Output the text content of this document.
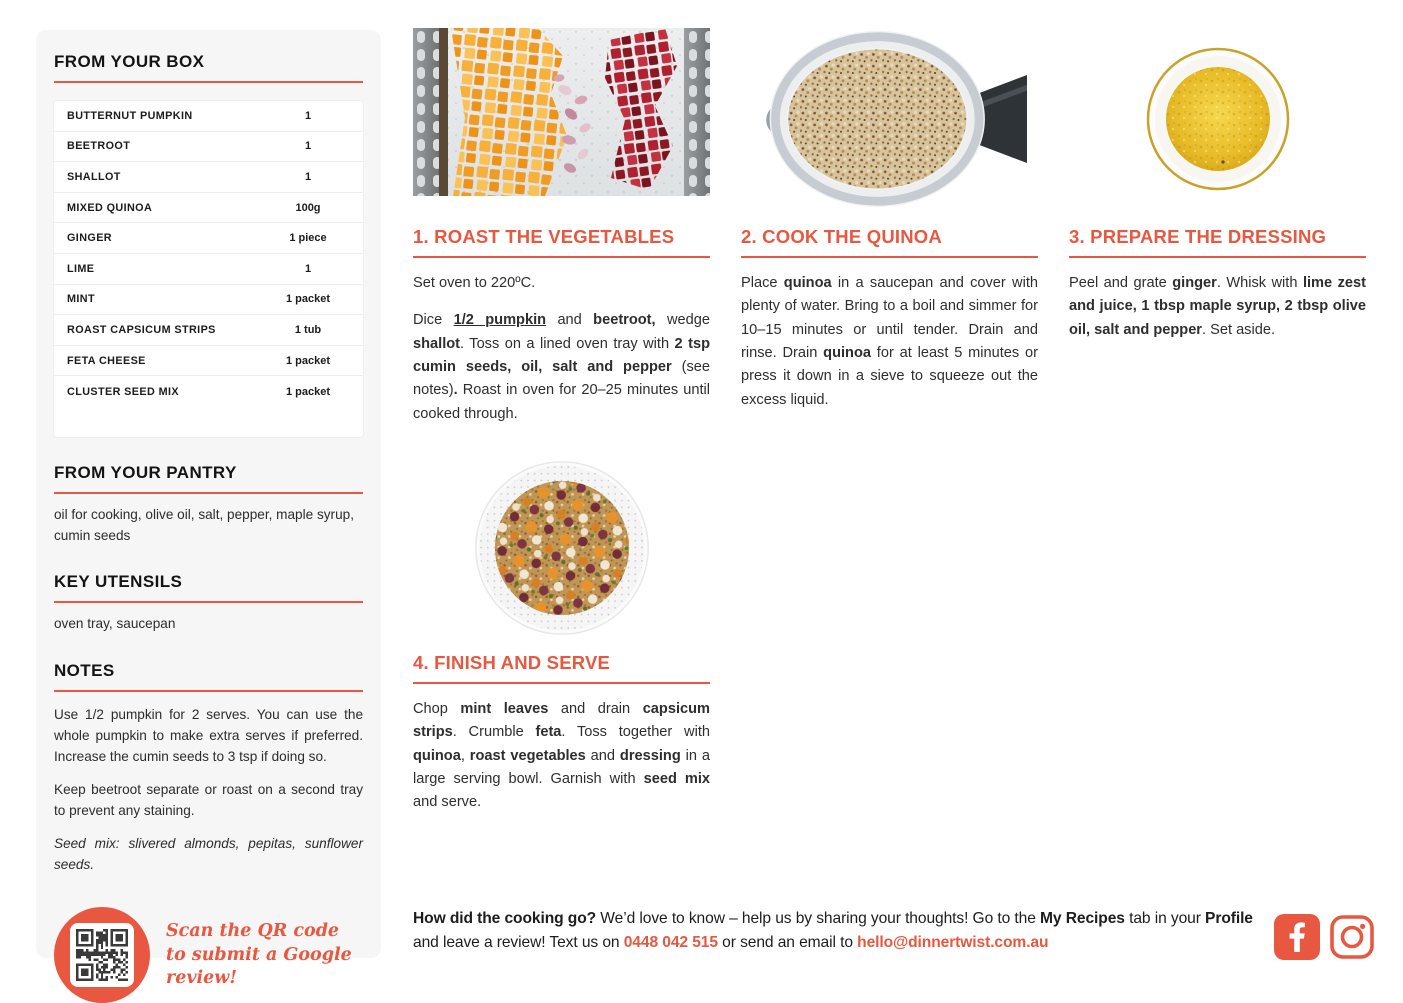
FROM YOUR BOX
BUTTERNUT PUMPKIN	1
BEETROOT	1
SHALLOT	1
MIXED QUINOA	100g
GINGER	1 piece
LIME	1
MINT	1 packet
ROAST CAPSICUM STRIPS	1 tub
FETA CHEESE	1 packet
CLUSTER SEED MIX	1 packet
FROM YOUR PANTRY

oil for cooking, olive oil, salt, pepper, maple syrup, cumin seeds

KEY UTENSILS

oven tray, saucepan

NOTES

Use 1/2 pumpkin for 2 serves. You can use the whole pumpkin to make extra serves if preferred. Increase the cumin seeds to 3 tsp if doing so.

Keep beetroot separate or roast on a second tray to prevent any staining.

Seed mix: slivered almonds, pepitas, sunflower seeds.

Scan the QR code to submit a Google review!
1. ROAST THE VEGETABLES

Set oven to 220ºC.

Dice 1/2 pumpkin and beetroot, wedge shallot. Toss on a lined oven tray with 2 tsp cumin seeds, oil, salt and pepper (see notes). Roast in oven for 20–25 minutes until cooked through.

2. COOK THE QUINOA

Place quinoa in a saucepan and cover with plenty of water. Bring to a boil and simmer for 10–15 minutes or until tender. Drain and rinse. Drain quinoa for at least 5 minutes or press it down in a sieve to squeeze out the excess liquid.

3. PREPARE THE DRESSING

Peel and grate ginger. Whisk with lime zest and juice, 1 tbsp maple syrup, 2 tbsp olive oil, salt and pepper. Set aside.

4. FINISH AND SERVE

Chop mint leaves and drain capsicum strips. Crumble feta. Toss together with quinoa, roast vegetables and dressing in a large serving bowl. Garnish with seed mix and serve.

How did the cooking go? We’d love to know – help us by sharing your thoughts! Go to the My Recipes tab in your Profile and leave a review! Text us on 0448 042 515 or send an email to hello@dinnertwist.com.au
